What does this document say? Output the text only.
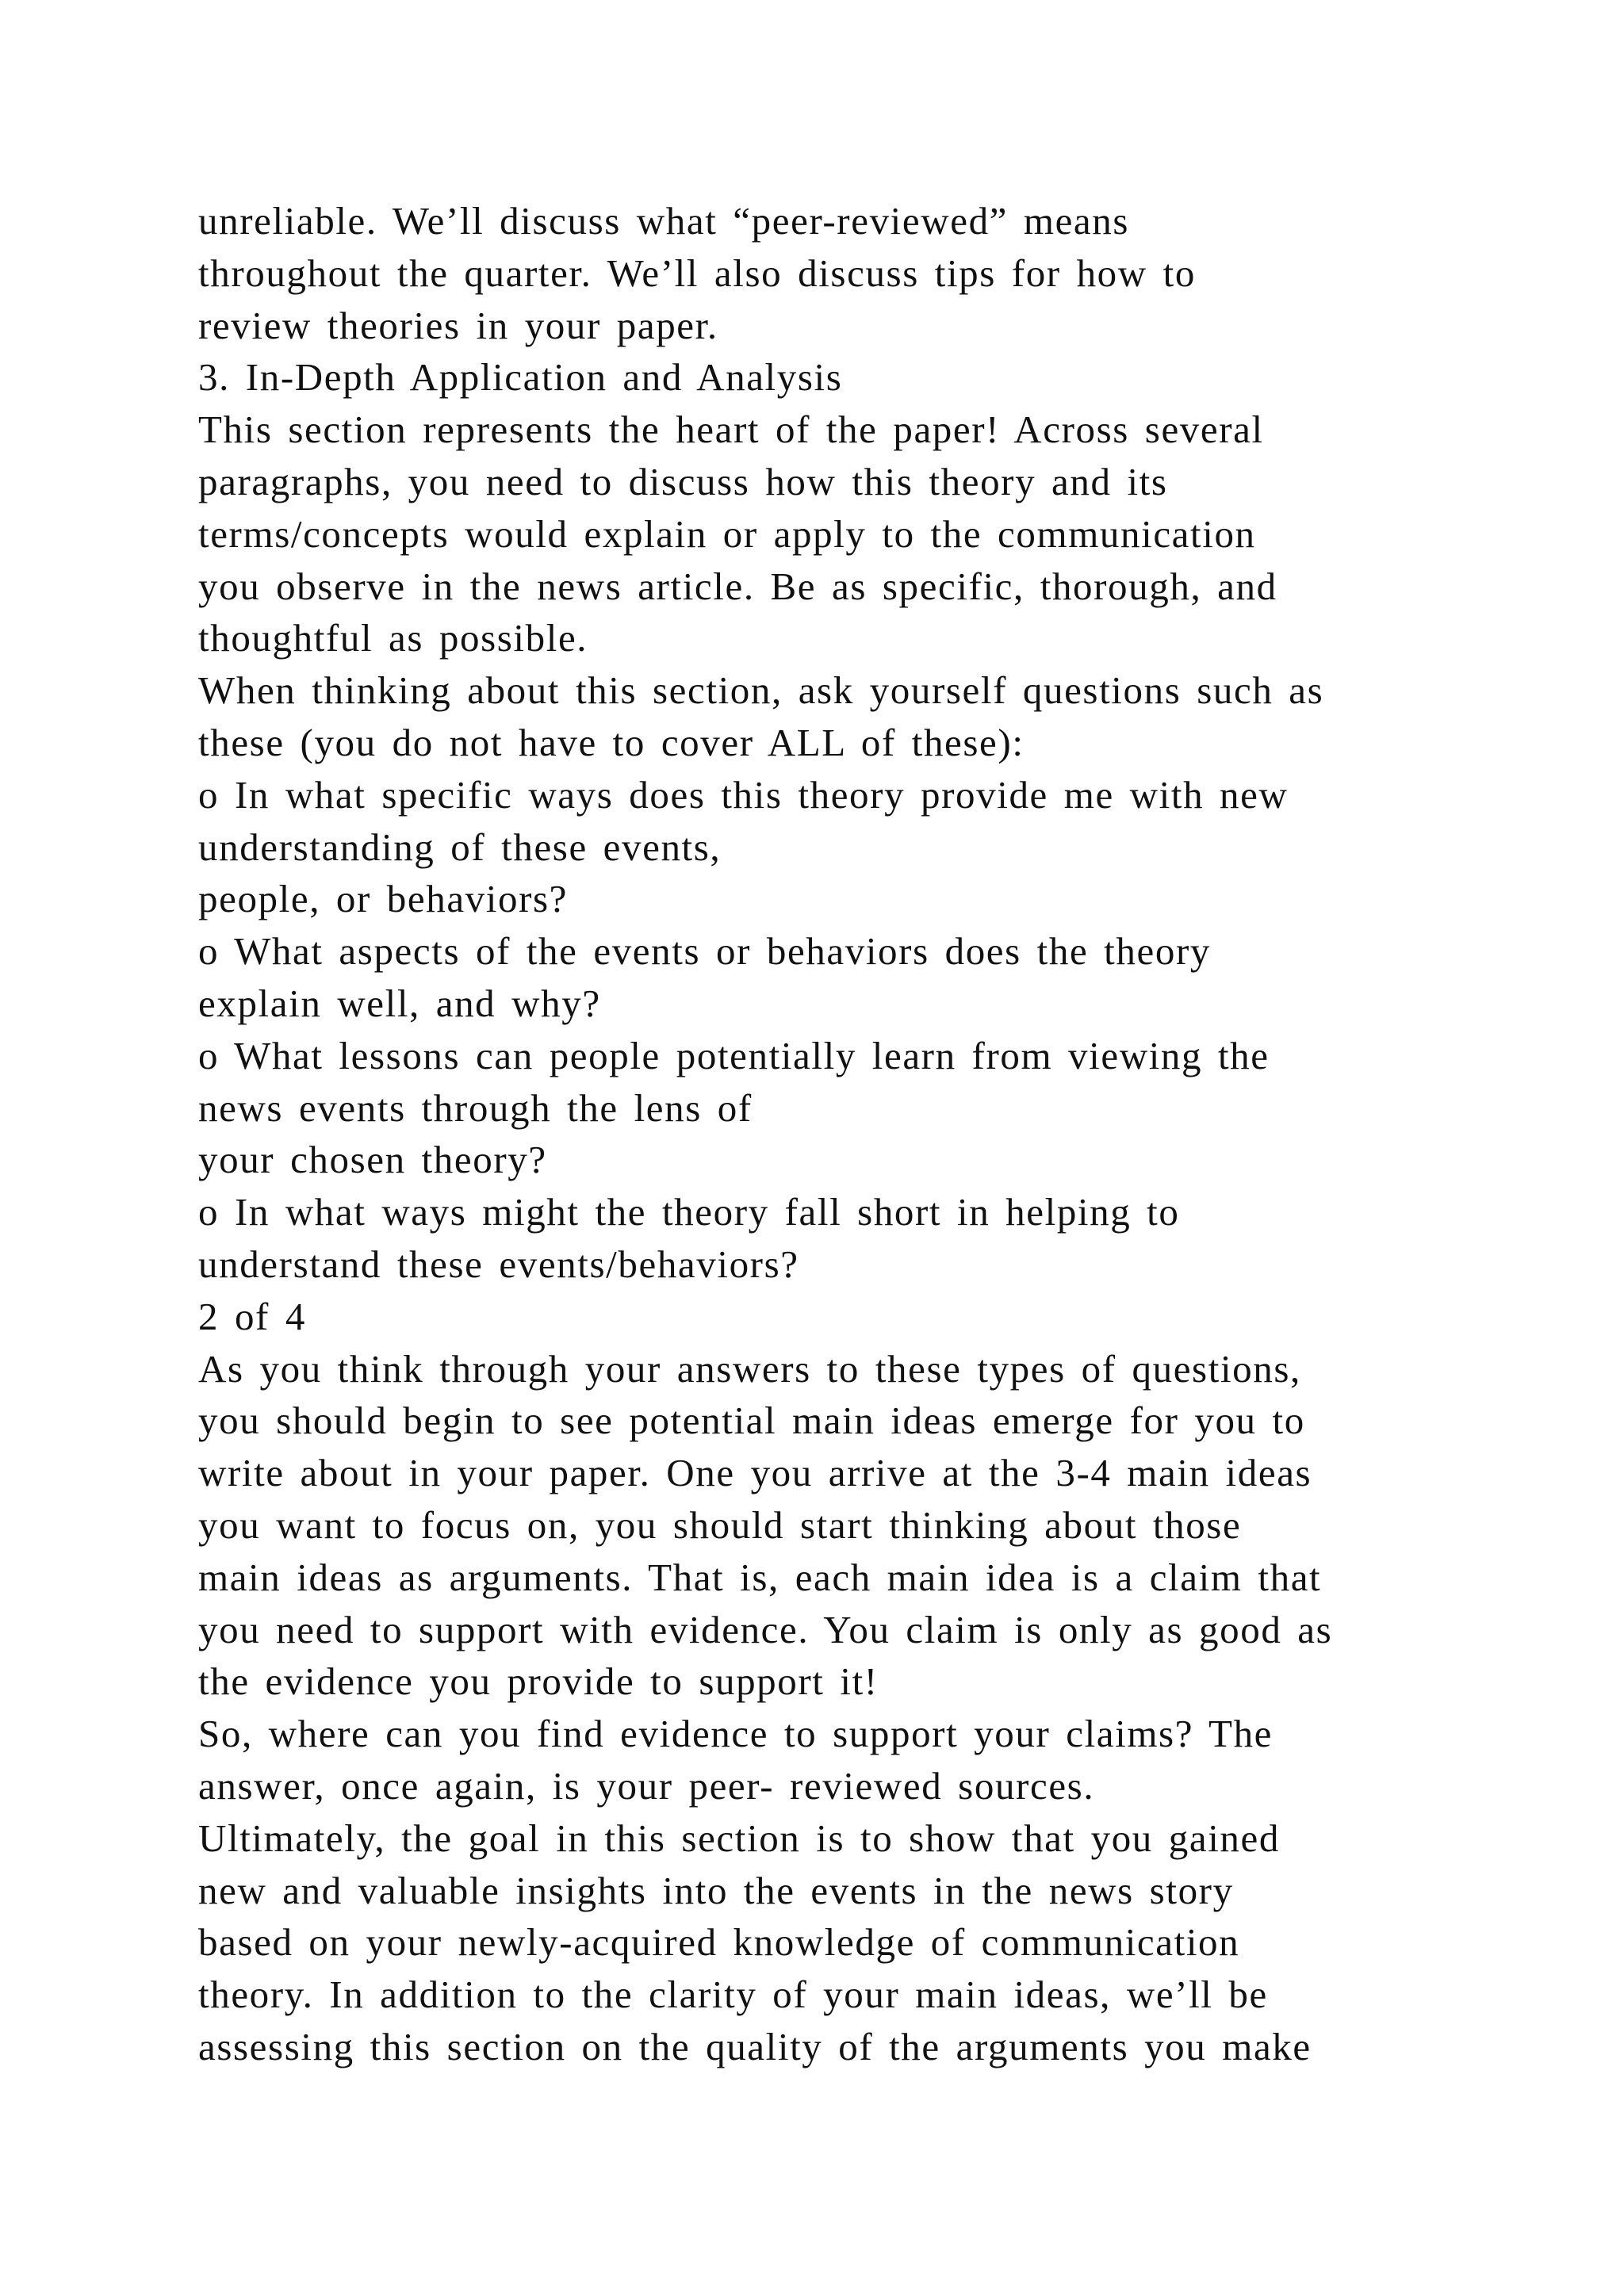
unreliable. We’ll discuss what “peer-reviewed” means
throughout the quarter. We’ll also discuss tips for how to
review theories in your paper.
3. In-Depth Application and Analysis
This section represents the heart of the paper! Across several
paragraphs, you need to discuss how this theory and its
terms/concepts would explain or apply to the communication
you observe in the news article. Be as specific, thorough, and
thoughtful as possible.
When thinking about this section, ask yourself questions such as
these (you do not have to cover ALL of these):
o In what specific ways does this theory provide me with new
understanding of these events,
people, or behaviors?
o What aspects of the events or behaviors does the theory
explain well, and why?
o What lessons can people potentially learn from viewing the
news events through the lens of
your chosen theory?
o In what ways might the theory fall short in helping to
understand these events/behaviors?
2 of 4
As you think through your answers to these types of questions,
you should begin to see potential main ideas emerge for you to
write about in your paper. One you arrive at the 3-4 main ideas
you want to focus on, you should start thinking about those
main ideas as arguments. That is, each main idea is a claim that
you need to support with evidence. You claim is only as good as
the evidence you provide to support it!
So, where can you find evidence to support your claims? The
answer, once again, is your peer- reviewed sources.
Ultimately, the goal in this section is to show that you gained
new and valuable insights into the events in the news story
based on your newly-acquired knowledge of communication
theory. In addition to the clarity of your main ideas, we’ll be
assessing this section on the quality of the arguments you make
